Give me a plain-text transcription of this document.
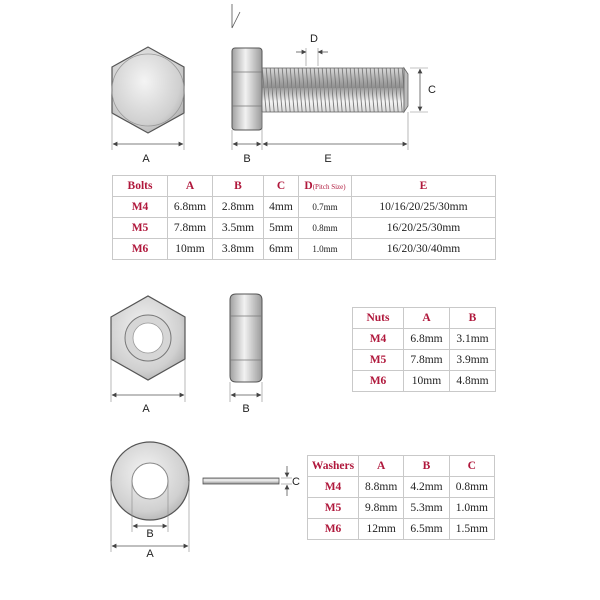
A
D
C
B	E
A	B
B
A
C
Bolts	A	B	C	D(Pitch Size)	E
M4	6.8mm	2.8mm	4mm	0.7mm	10/16/20/25/30mm
M5	7.8mm	3.5mm	5mm	0.8mm	16/20/25/30mm
M6	10mm	3.8mm	6mm	1.0mm	16/20/30/40mm
Nuts	A	B
M4	6.8mm	3.1mm
M5	7.8mm	3.9mm
M6	10mm	4.8mm
Washers	A	B	C
M4	8.8mm	4.2mm	0.8mm
M5	9.8mm	5.3mm	1.0mm
M6	12mm	6.5mm	1.5mm
